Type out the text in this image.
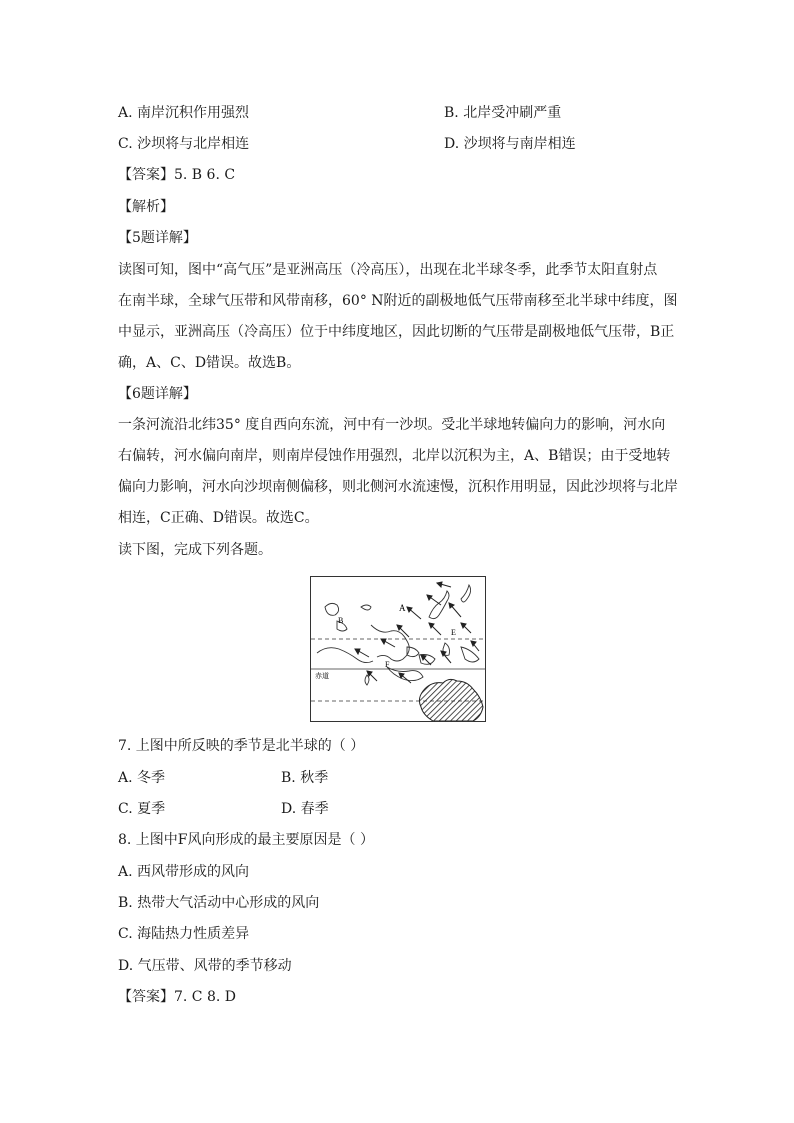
A. 南岸沉积作用强烈	B. 北岸受冲刷严重
C. 沙坝将与北岸相连	D. 沙坝将与南岸相连
【答案】5. B 6. C
【解析】
【5题详解】
读图可知，图中“高气压”是亚洲高压（冷高压），出现在北半球冬季，此季节太阳直射点
在南半球，全球气压带和风带南移，60° N附近的副极地低气压带南移至北半球中纬度，图
中显示，亚洲高压（冷高压）位于中纬度地区，因此切断的气压带是副极地低气压带，B正
确，A、C、D错误。故选B。
【6题详解】
一条河流沿北纬35° 度自西向东流，河中有一沙坝。受北半球地转偏向力的影响，河水向
右偏转，河水偏向南岸，则南岸侵蚀作用强烈，北岸以沉积为主，A、B错误；由于受地转
偏向力影响，河水向沙坝南侧偏移，则北侧河水流速慢，沉积作用明显，因此沙坝将与北岸
相连，C正确、D错误。故选C。
读下图，完成下列各题。
A
B
E
F
赤道
7. 上图中所反映的季节是北半球的（ ）
A. 冬季	B. 秋季
C. 夏季	D. 春季
8. 上图中F风向形成的最主要原因是（ ）
A. 西风带形成的风向
B. 热带大气活动中心形成的风向
C. 海陆热力性质差异
D. 气压带、风带的季节移动
【答案】7. C 8. D
